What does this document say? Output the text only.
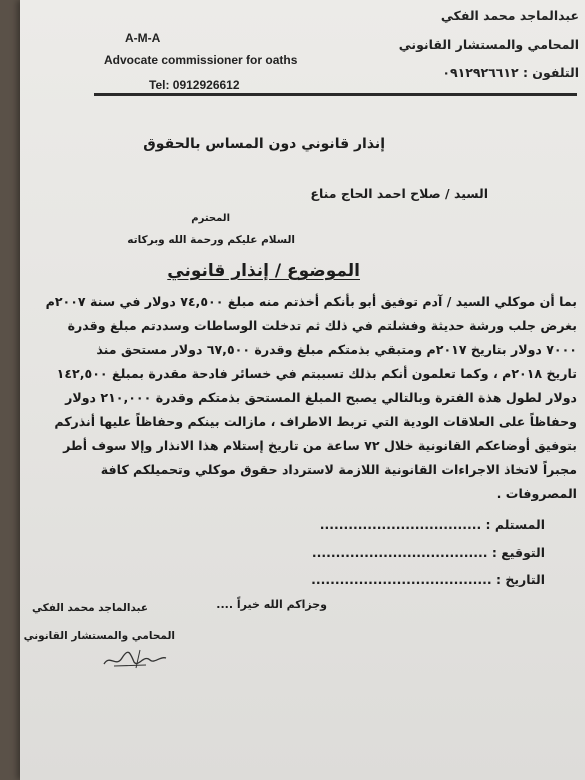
A-M-A
Advocate commissioner for oaths
Tel: 0912926612
عبدالماجد محمد الفكي
المحامي والمستشار القانوني
التلفون : ٠٩١٢٩٢٦٦١٢
إنذار قانوني دون المساس بالحقوق
السيد / صلاح احمد الحاج مناع
المحترم
السلام عليكم ورحمة الله وبركاته
الموضوع / إنذار قانوني
بما أن موكلي السيد / آدم توفيق أبو بأنكم أخذتم منه مبلغ ٧٤,٥٠٠ دولار في سنة ٢٠٠٧م
بغرض جلب ورشة حديثة وفشلتم في ذلك ثم تدخلت الوساطات وسددتم مبلغ وقدرة
٧٠٠٠ دولار بتاريخ ٢٠١٧م ومتبقي بذمتكم مبلغ وقدرة ٦٧,٥٠٠ دولار مستحق منذ
تاريخ ٢٠١٨م ، وكما تعلمون أنكم بذلك تسببتم في خسائر فادحة مقدرة بمبلغ ١٤٢,٥٠٠
دولار لطول هذة الفترة وبالتالي يصبح المبلغ المستحق بذمتكم وقدرة ٢١٠,٠٠٠ دولار
وحفاظاً على العلاقات الودية التي تربط الاطراف ، مازالت بينكم وحفاظاً عليها أنذركم
بتوفيق أوضاعكم القانونية خلال ٧٢ ساعة من تاريخ إستلام هذا الانذار وإلا سوف أطر
مجبراً لاتخاذ الاجراءات القانونية اللازمة لاسترداد حقوق موكلي وتحميلكم كافة
المصروفات .
المستلم : ..................................
التوقيع : .....................................
التاريخ : ......................................
وجزاكم الله خيراً ....
عبدالماجد محمد الفكي
المحامي والمستشار القانوني
